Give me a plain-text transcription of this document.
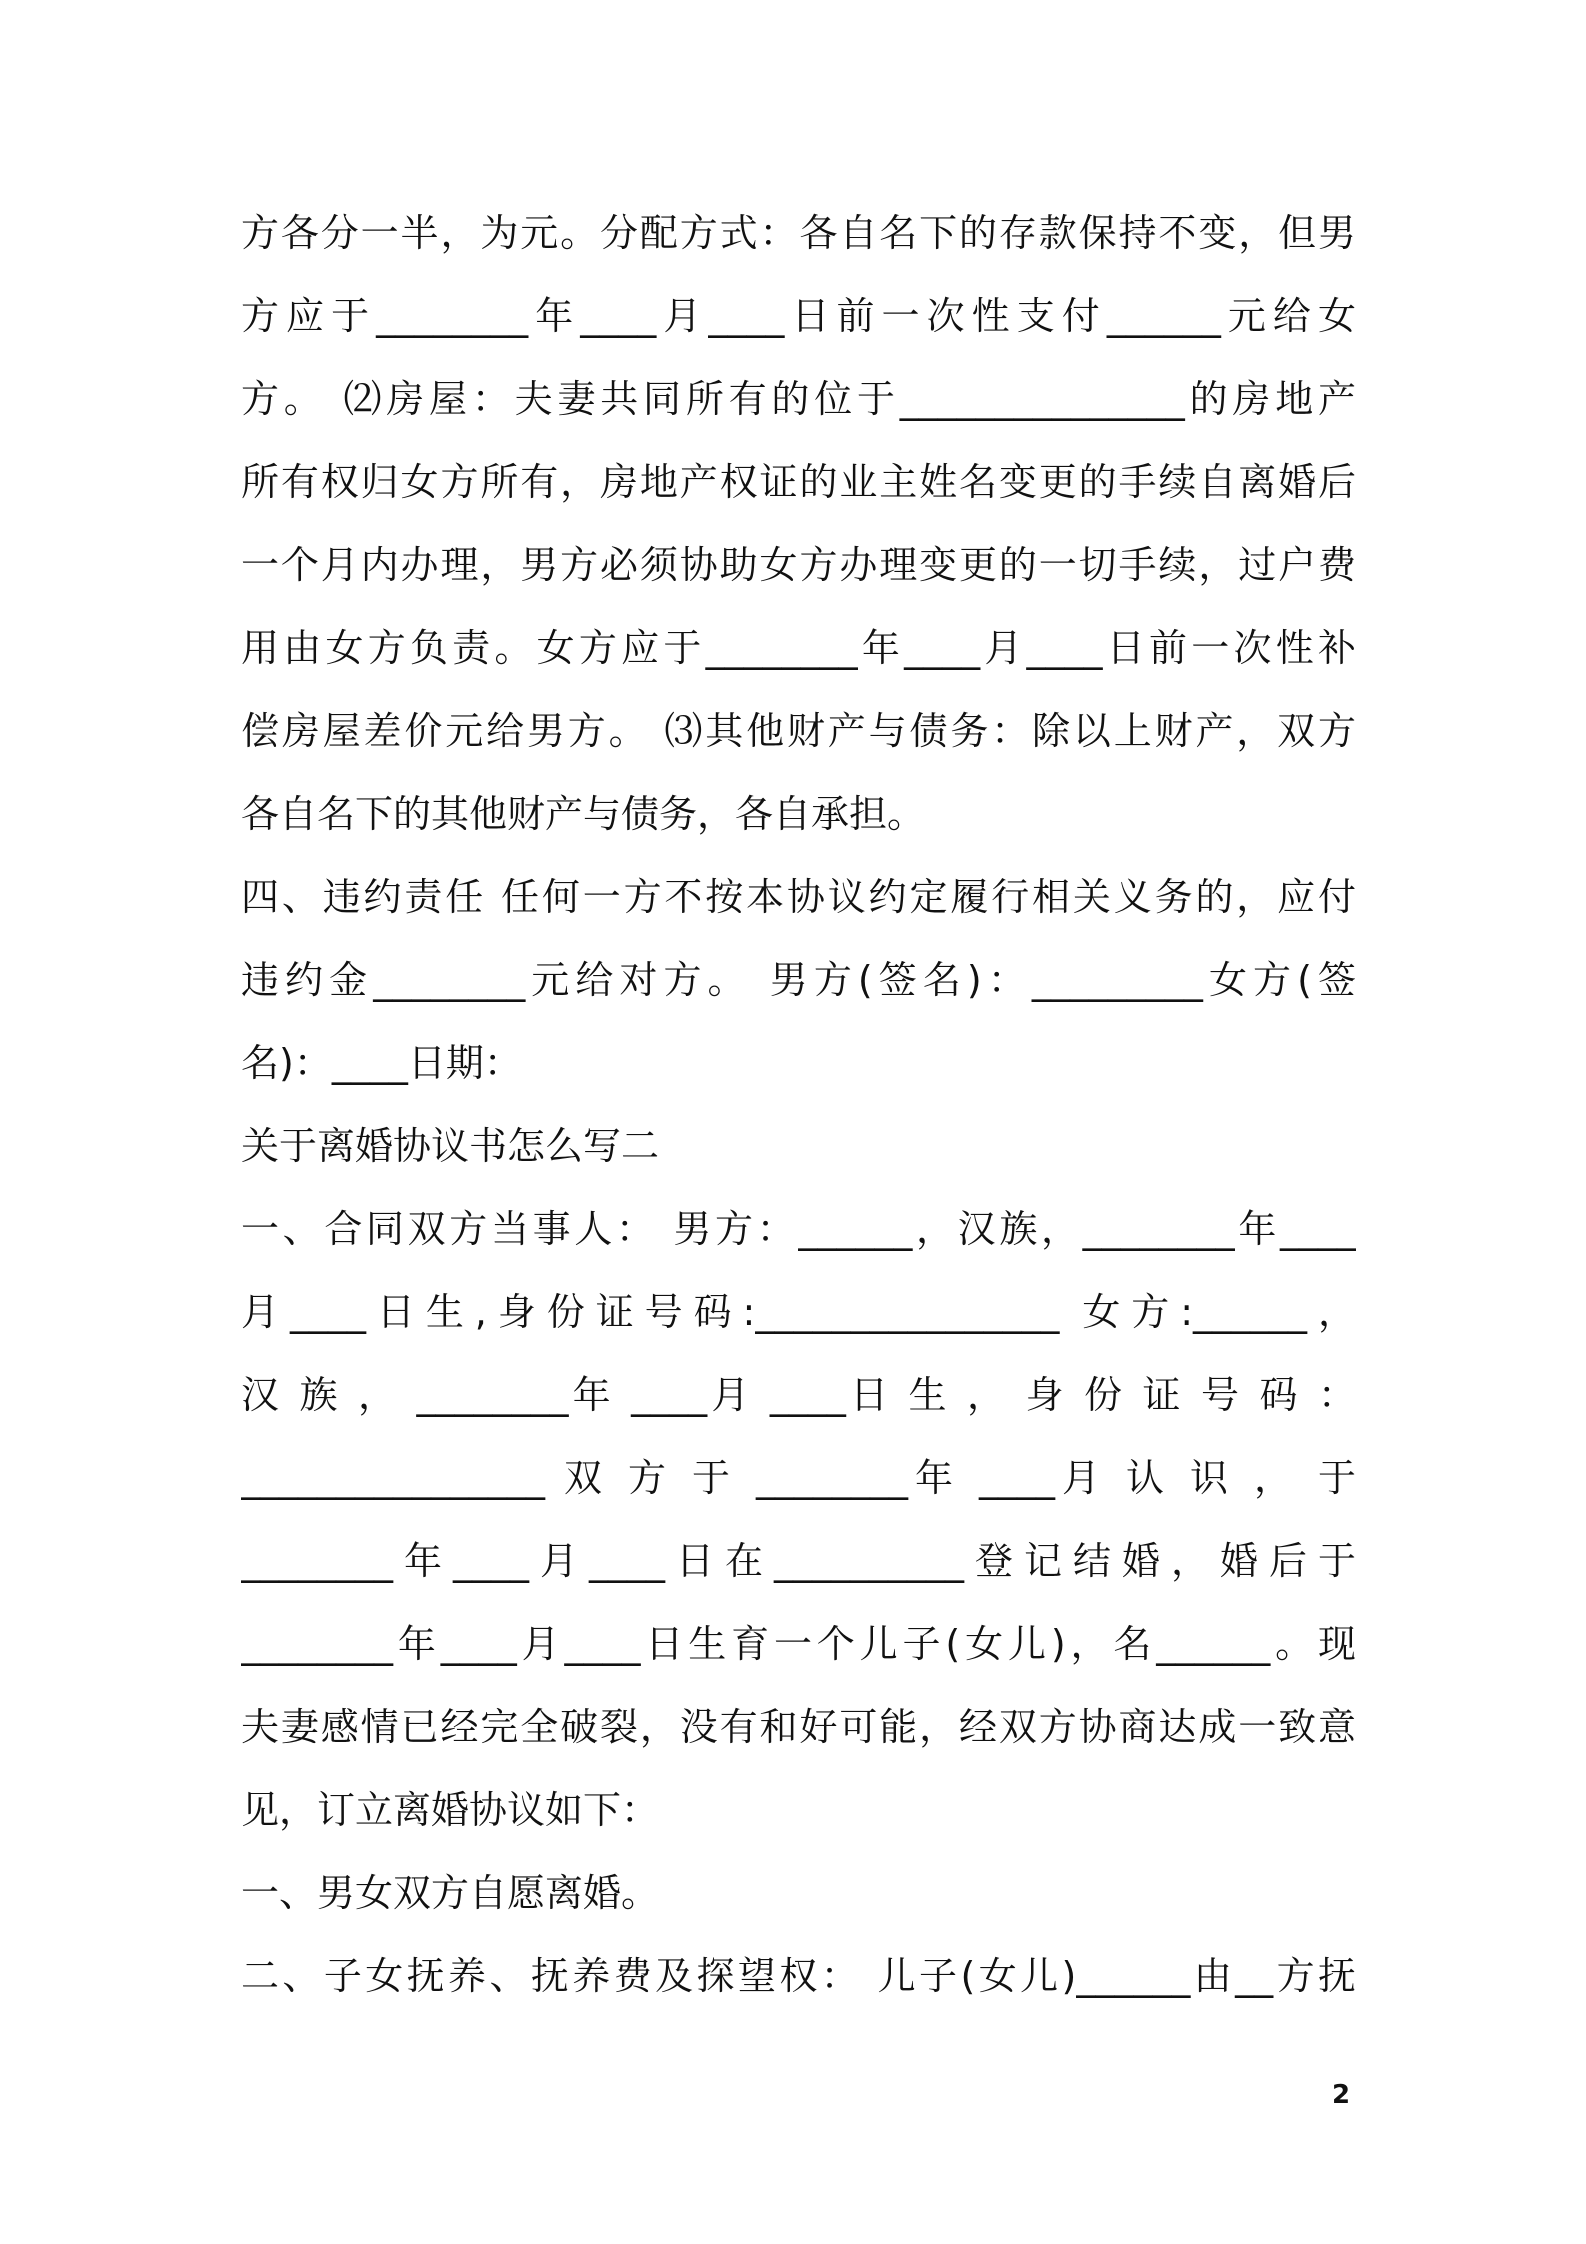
方各分一半，为元。分配方式：各自名下的存款保持不变，但男
方应于________年____月____日前一次性支付______元给女
方。 ⑵房屋：夫妻共同所有的位于_______________的房地产
所有权归女方所有，房地产权证的业主姓名变更的手续自离婚后
一个月内办理，男方必须协助女方办理变更的一切手续，过户费
用由女方负责。女方应于________年____月____日前一次性补
偿房屋差价元给男方。 ⑶其他财产与债务：除以上财产，双方
各自名下的其他财产与债务，各自承担。
四、违约责任 任何一方不按本协议约定履行相关义务的，应付
违约金________元给对方。 男方(签名)：_________女方(签
名)：____日期：
关于离婚协议书怎么写二
一、合同双方当事人： 男方：______，汉族，________年____
月____日生,身份证号码:________________ 女方:______，
汉 族 ， ________年 ____月 ____日 生 ， 身 份 证 号 码 ：
________________ 双 方 于 ________年 ____月 认 识 ， 于
________年____月____日在__________登记结婚，婚后于
________年____月____日生育一个儿子(女儿)，名______。现
夫妻感情已经完全破裂，没有和好可能，经双方协商达成一致意
见，订立离婚协议如下：
一、男女双方自愿离婚。
二、子女抚养、抚养费及探望权： 儿子(女儿)______由__方抚
2
